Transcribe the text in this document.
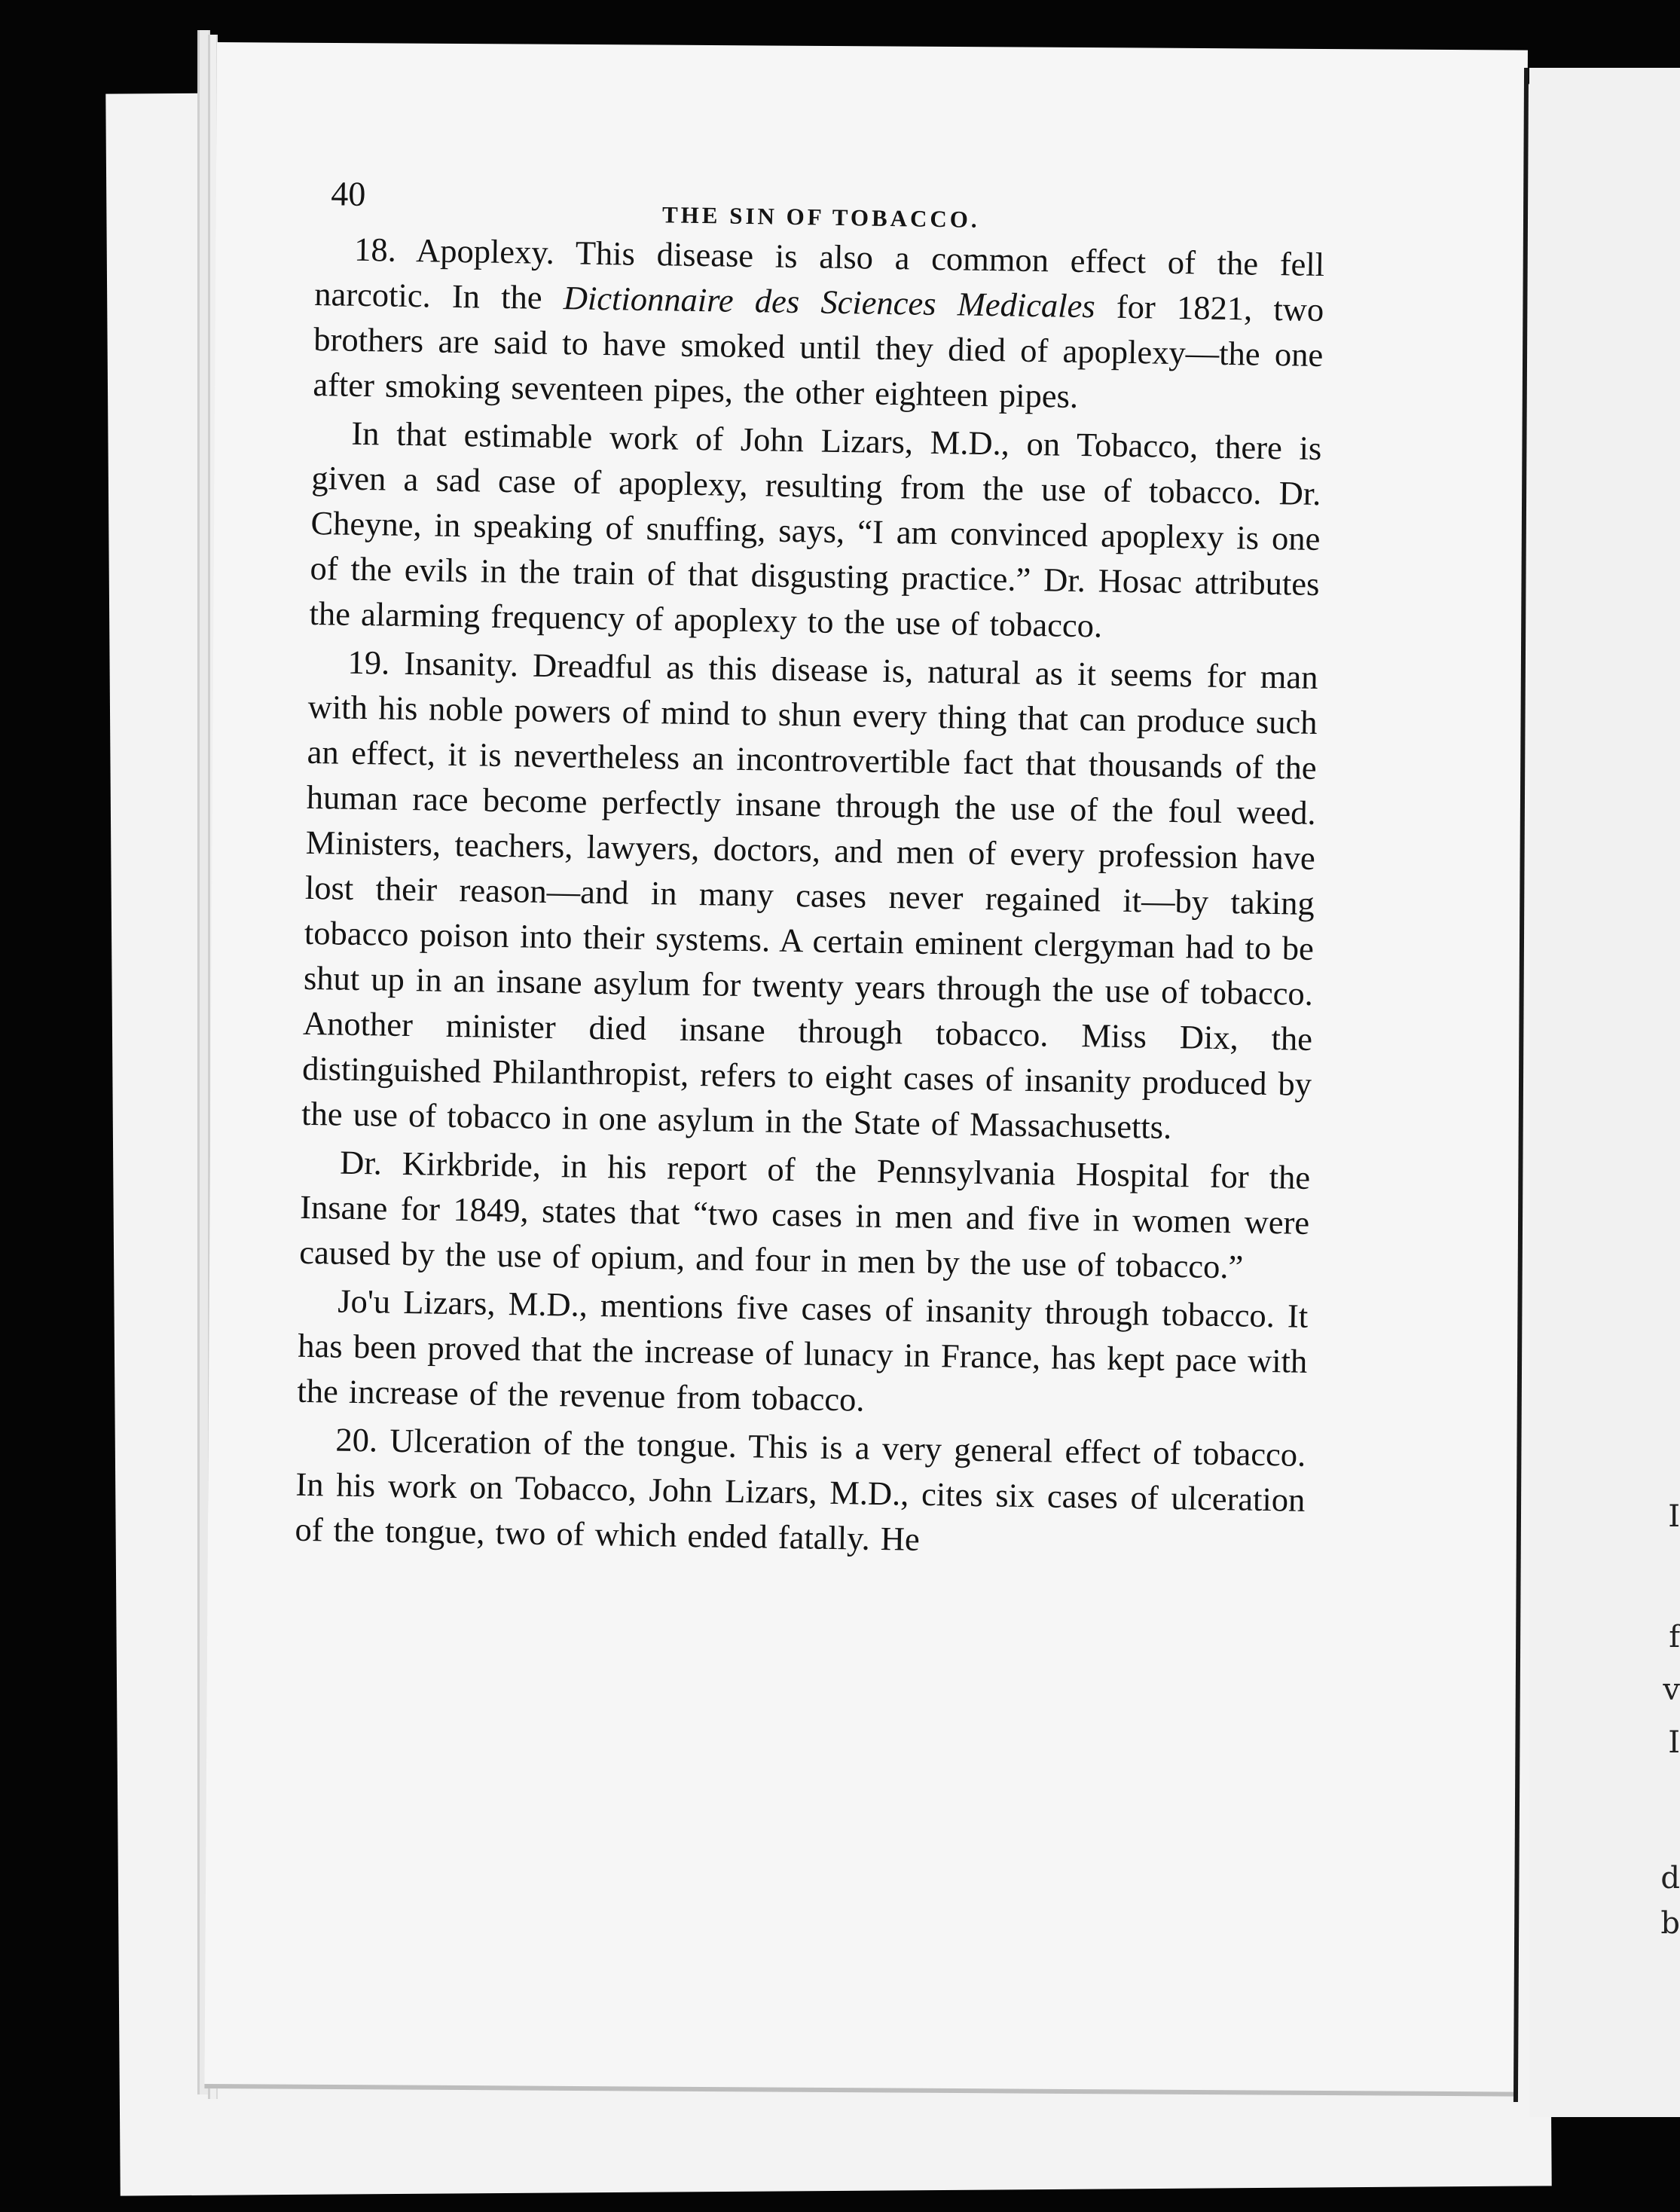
I
f
v
I
d
b
40
THE SIN OF TOBACCO.

18. Apoplexy. This disease is also a common effect of the fell narcotic. In the Dictionnaire des Sciences Medicales for 1821, two brothers are said to have smoked until they died of apoplexy—the one after smoking seventeen pipes, the other eighteen pipes.

In that estimable work of John Lizars, M.D., on Tobacco, there is given a sad case of apoplexy, resulting from the use of tobacco. Dr. Cheyne, in speaking of snuffing, says, “I am convinced apoplexy is one of the evils in the train of that disgusting practice.” Dr. Hosac attributes the alarming frequency of apoplexy to the use of tobacco.

19. Insanity. Dreadful as this disease is, natural as it seems for man with his noble powers of mind to shun every thing that can produce such an effect, it is nevertheless an incontrovertible fact that thousands of the human race become perfectly insane through the use of the foul weed. Ministers, teachers, lawyers, doctors, and men of every profession have lost their reason—and in many cases never regained it—by taking tobacco poison into their systems. A certain eminent clergyman had to be shut up in an insane asylum for twenty years through the use of tobacco. Another minister died insane through tobacco. Miss Dix, the distinguished Philanthropist, refers to eight cases of insanity produced by the use of tobacco in one asylum in the State of Massachusetts.

Dr. Kirkbride, in his report of the Pennsylvania Hospital for the Insane for 1849, states that “two cases in men and five in women were caused by the use of opium, and four in men by the use of tobacco.”

Jo'u Lizars, M.D., mentions five cases of insanity through tobacco. It has been proved that the increase of lunacy in France, has kept pace with the increase of the revenue from tobacco.

20. Ulceration of the tongue. This is a very general effect of tobacco. In his work on Tobacco, John Lizars, M.D., cites six cases of ulceration of the tongue, two of which ended fatally. He
